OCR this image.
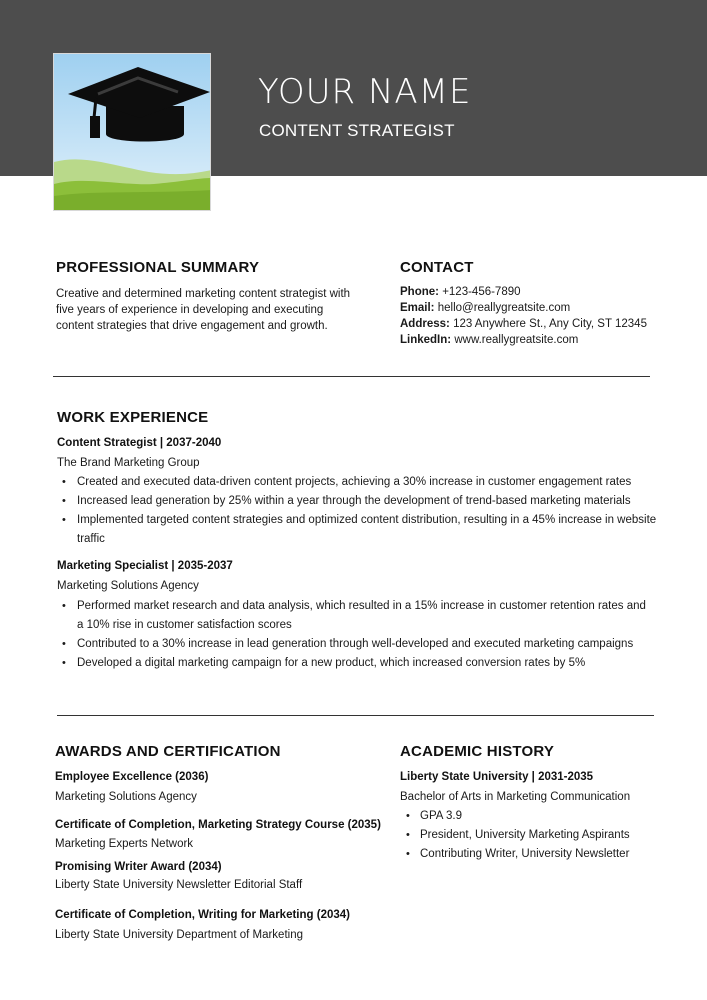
YOUR NAME
CONTENT STRATEGIST
PROFESSIONAL SUMMARY
Creative and determined marketing content strategist with five years of experience in developing and executing content strategies that drive engagement and growth.
CONTACT
Phone: +123-456-7890
Email: hello@reallygreatsite.com
Address: 123 Anywhere St., Any City, ST 12345
LinkedIn: www.reallygreatsite.com
WORK EXPERIENCE
Content Strategist | 2037-2040
The Brand Marketing Group
• Created and executed data-driven content projects, achieving a 30% increase in customer engagement rates
• Increased lead generation by 25% within a year through the development of trend-based marketing materials
• Implemented targeted content strategies and optimized content distribution, resulting in a 45% increase in website traffic
Marketing Specialist | 2035-2037
Marketing Solutions Agency
• Performed market research and data analysis, which resulted in a 15% increase in customer retention rates and a 10% rise in customer satisfaction scores
• Contributed to a 30% increase in lead generation through well-developed and executed marketing campaigns
• Developed a digital marketing campaign for a new product, which increased conversion rates by 5%
AWARDS AND CERTIFICATION
Employee Excellence (2036)
Marketing Solutions Agency
Certificate of Completion, Marketing Strategy Course (2035)
Marketing Experts Network
Promising Writer Award (2034)
Liberty State University Newsletter Editorial Staff
Certificate of Completion, Writing for Marketing (2034)
Liberty State University Department of Marketing
ACADEMIC HISTORY
Liberty State University | 2031-2035
Bachelor of Arts in Marketing Communication
• GPA 3.9
• President, University Marketing Aspirants
• Contributing Writer, University Newsletter
